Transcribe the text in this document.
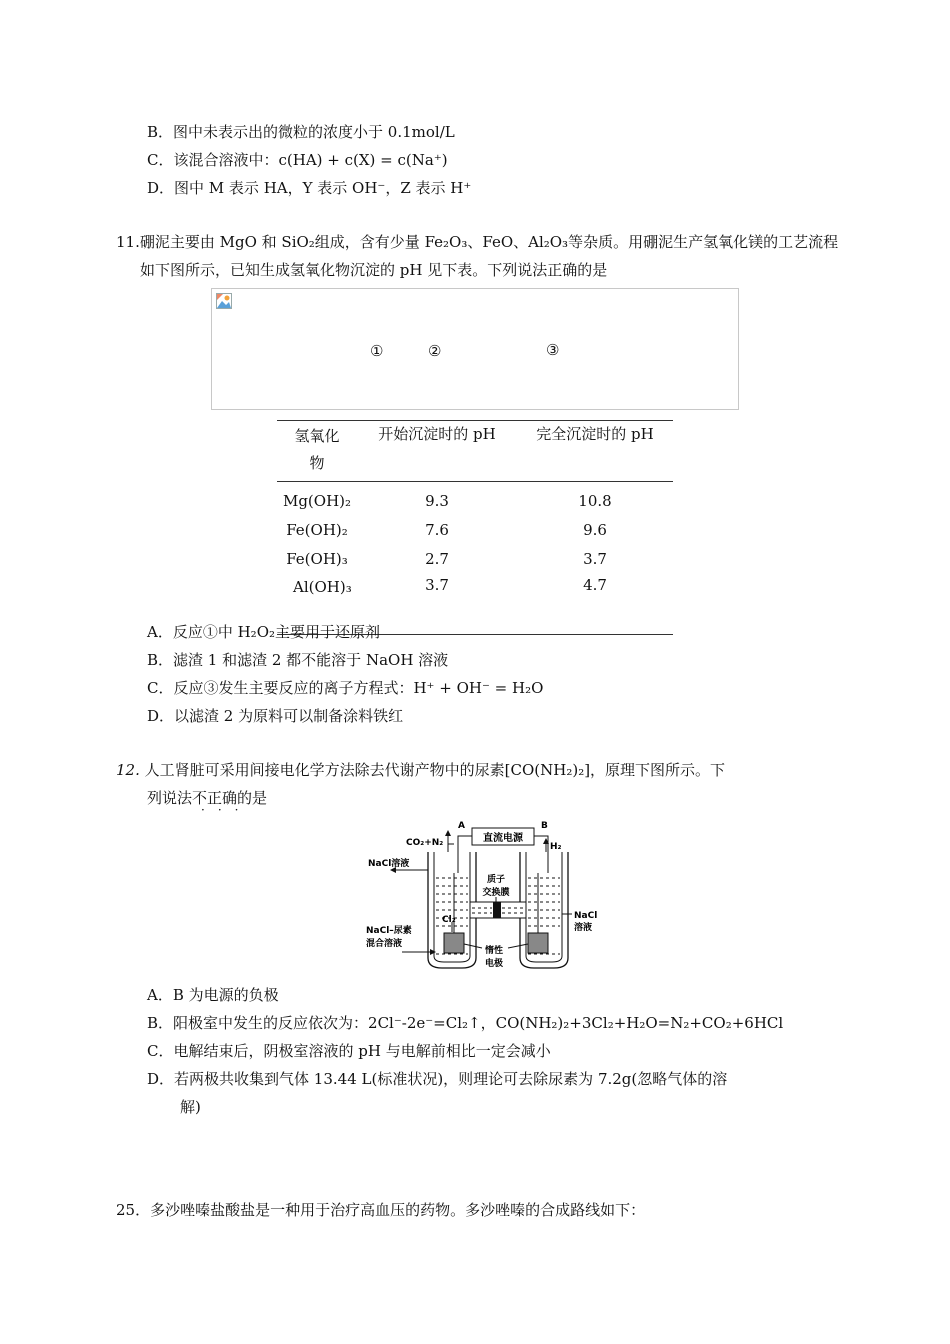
B．图中未表示出的微粒的浓度小于 0.1mol/L
C．该混合溶液中：c(HA) + c(X) = c(Na⁺)
D．图中 M 表示 HA，Y 表示 OH⁻，Z 表示 H⁺
11.硼泥主要由 MgO 和 SiO₂组成，含有少量 Fe₂O₃、FeO、Al₂O₃等杂质。用硼泥生产氢氧化镁的工艺流程
如下图所示，已知生成氢氧化物沉淀的 pH 见下表。下列说法正确的是
①	②	③
氢氧化物	开始沉淀时的 pH	完全沉淀时的 pH
Mg(OH)₂	9.3	10.8
Fe(OH)₂	7.6	9.6
Fe(OH)₃	2.7	3.7

Al(OH)₃	3.7	4.7
A．反应①中 H₂O₂主要用于还原剂
B．滤渣 1 和滤渣 2 都不能溶于 NaOH 溶液
C．反应③发生主要反应的离子方程式：H⁺ + OH⁻ = H₂O
D．以滤渣 2 为原料可以制备涂料铁红
12. 人工肾脏可采用间接电化学方法除去代谢产物中的尿素[CO(NH₂)₂]，原理下图所示。下
列说法不正确的是
···
直流电源
A	B
CO₂+N₂	H₂
NaCl溶液
质子
交换膜
Cl₂	NaCl
溶液
NaCl–尿素
混合溶液
惰性
电极
A．B 为电源的负极
B．阳极室中发生的反应依次为：2Cl⁻-2e⁻=Cl₂↑，CO(NH₂)₂+3Cl₂+H₂O=N₂+CO₂+6HCl
C．电解结束后，阴极室溶液的 pH 与电解前相比一定会减小
D．若两极共收集到气体 13.44 L(标准状况)，则理论可去除尿素为 7.2g(忽略气体的溶
解)
25．多沙唑嗪盐酸盐是一种用于治疗高血压的药物。多沙唑嗪的合成路线如下：
